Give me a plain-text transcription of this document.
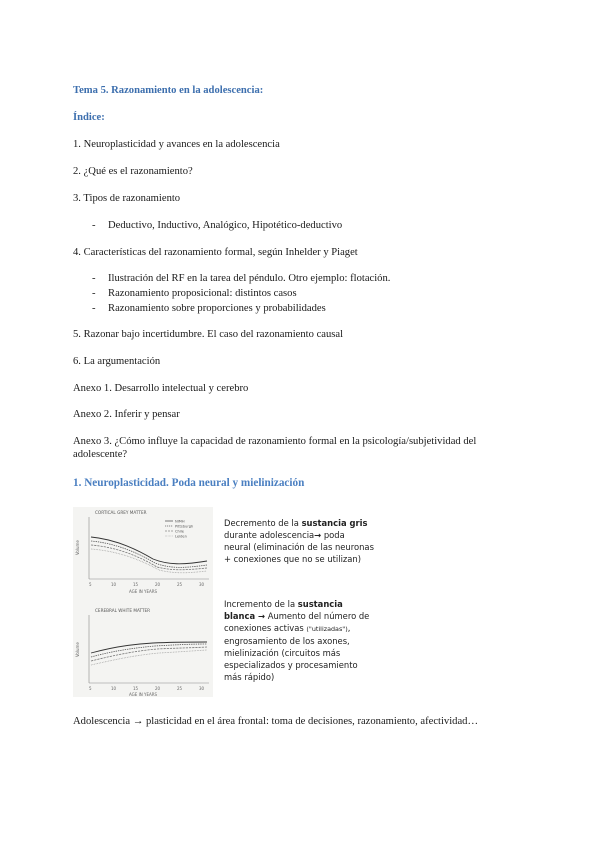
Tema 5. Razonamiento en la adolescencia:
Índice:
1. Neuroplasticidad y avances en la adolescencia
2. ¿Qué es el razonamiento?
3. Tipos de razonamiento
- Deductivo, Inductivo, Analógico, Hipotético-deductivo
4. Características del razonamiento formal, según Inhelder y Piaget
- Ilustración del RF en la tarea del péndulo. Otro ejemplo: flotación.
- Razonamiento proposicional: distintos casos
- Razonamiento sobre proporciones y probabilidades
5. Razonar bajo incertidumbre. El caso del razonamiento causal
6. La argumentación
Anexo 1. Desarrollo intelectual y cerebro
Anexo 2. Inferir y pensar
Anexo 3. ¿Cómo influye la capacidad de razonamiento formal en la psicología/subjetividad del adolescente?
1. Neuroplasticidad. Poda neural y mielinización
CORTICAL GREY MATTER
Volume
NIMH
Pittsburgh
Chile
Leiden
5	10	15	20	25	30
AGE IN YEARS
CEREBRAL WHITE MATTER
Volume
5	10	15	20	25	30
AGE IN YEARS
Decremento de la sustancia gris durante adolescencia→ poda neural (eliminación de las neuronas + conexiones que no se utilizan)
Incremento de la sustancia blanca → Aumento del número de conexiones activas ("utilizadas"), engrosamiento de los axones, mielinización (circuitos más especializados y procesamiento más rápido)
Adolescencia → plasticidad en el área frontal: toma de decisiones, razonamiento, afectividad…
